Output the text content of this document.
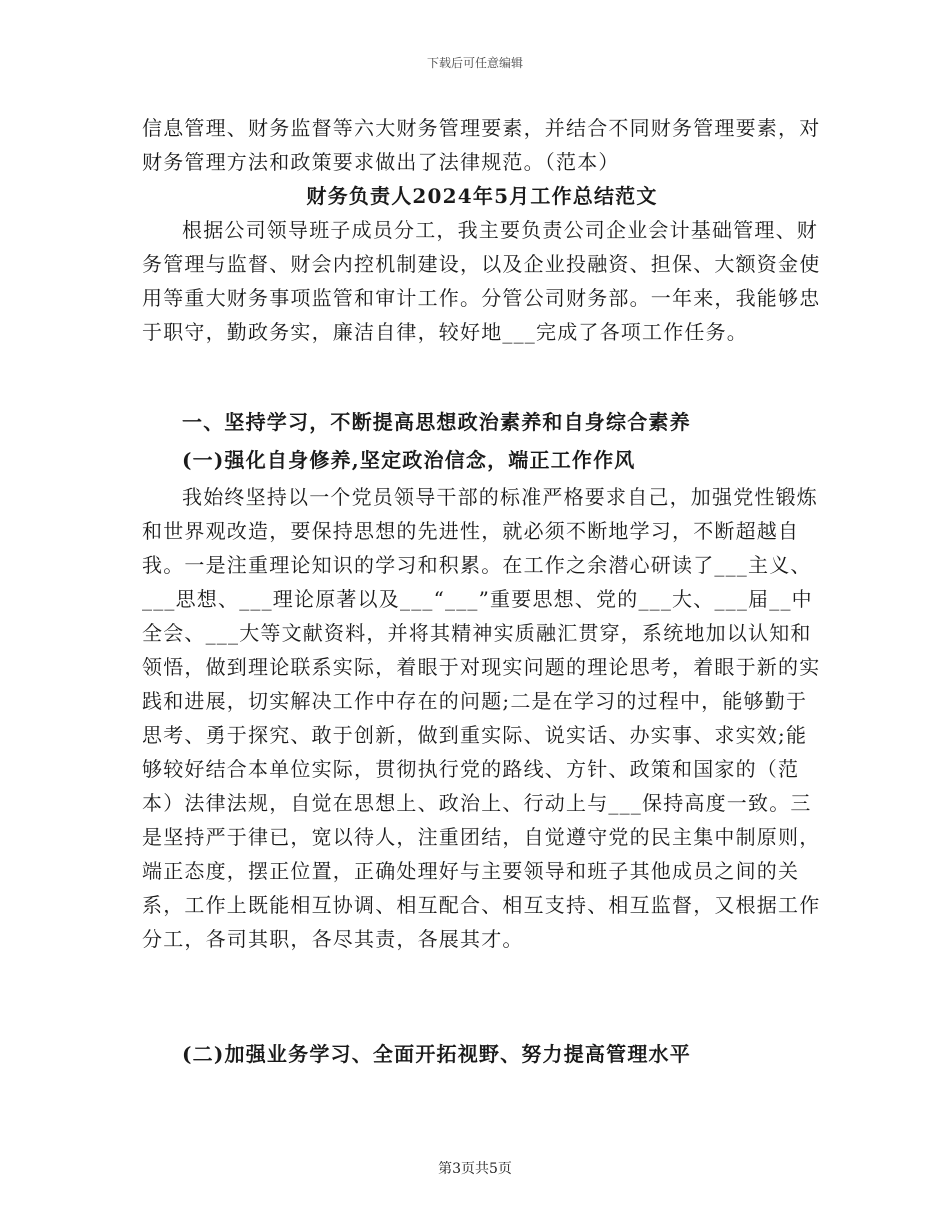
下载后可任意编辑

信息管理、财务监督等六大财务管理要素，并结合不同财务管理要素，对财务管理方法和政策要求做出了法律规范。（范本）

财务负责人2024年5月工作总结范文

根据公司领导班子成员分工，我主要负责公司企业会计基础管理、财务管理与监督、财会内控机制建设，以及企业投融资、担保、大额资金使用等重大财务事项监管和审计工作。分管公司财务部。一年来，我能够忠于职守，勤政务实，廉洁自律，较好地___完成了各项工作任务。

一、坚持学习，不断提高思想政治素养和自身综合素养

(一)强化自身修养,坚定政治信念，端正工作作风

我始终坚持以一个党员领导干部的标准严格要求自己，加强党性锻炼和世界观改造，要保持思想的先进性，就必须不断地学习，不断超越自我。一是注重理论知识的学习和积累。在工作之余潜心研读了___主义、___思想、___理论原著以及___“___”重要思想、党的___大、___届__中全会、___大等文献资料，并将其精神实质融汇贯穿，系统地加以认知和领悟，做到理论联系实际，着眼于对现实问题的理论思考，着眼于新的实践和进展，切实解决工作中存在的问题;二是在学习的过程中，能够勤于思考、勇于探究、敢于创新，做到重实际、说实话、办实事、求实效;能够较好结合本单位实际，贯彻执行党的路线、方针、政策和国家的（范本）法律法规，自觉在思想上、政治上、行动上与___保持高度一致。三是坚持严于律已，宽以待人，注重团结，自觉遵守党的民主集中制原则，端正态度，摆正位置，正确处理好与主要领导和班子其他成员之间的关系，工作上既能相互协调、相互配合、相互支持、相互监督，又根据工作分工，各司其职，各尽其责，各展其才。

(二)加强业务学习、全面开拓视野、努力提高管理水平

第3页共5页
